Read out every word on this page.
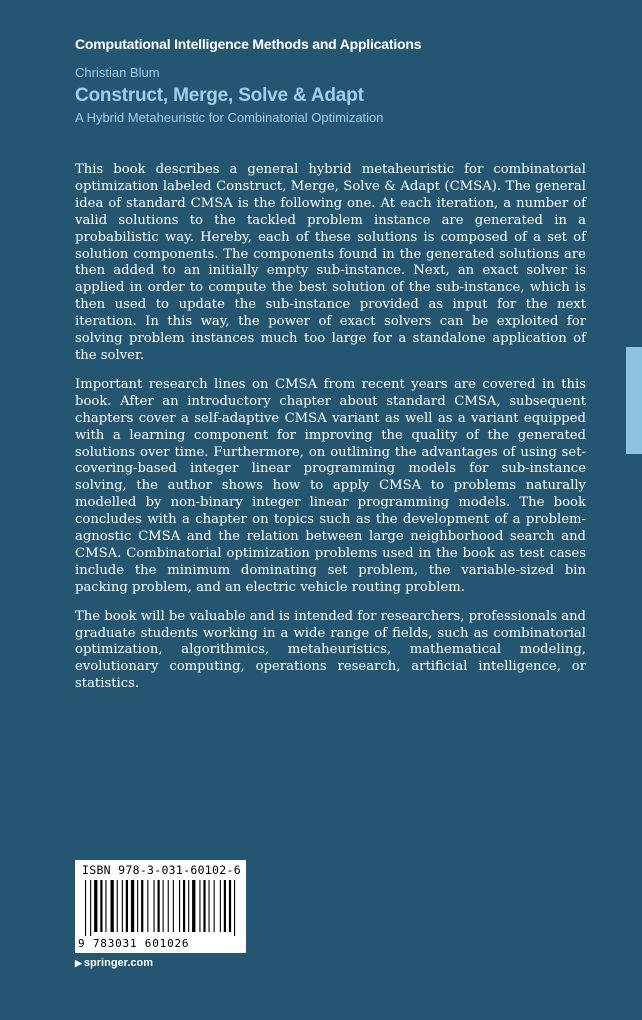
Computational Intelligence Methods and Applications
Christian Blum
Construct, Merge, Solve & Adapt
A Hybrid Metaheuristic for Combinatorial Optimization

This book describes a general hybrid metaheuristic for combinatorial optimization labeled Construct, Merge, Solve & Adapt (CMSA). The general idea of standard CMSA is the following one. At each iteration, a number of valid solutions to the tackled problem instance are generated in a probabilistic way. Hereby, each of these solutions is composed of a set of solution components. The components found in the generated solutions are then added to an initially empty sub-instance. Next, an exact solver is applied in order to compute the best solution of the sub-instance, which is then used to update the sub-instance provided as input for the next iteration. In this way, the power of exact solvers can be exploited for solving problem instances much too large for a standalone application of the solver.

Important research lines on CMSA from recent years are covered in this book. After an introductory chapter about standard CMSA, subsequent chapters cover a self-adaptive CMSA variant as well as a variant equipped with a learning component for improving the quality of the generated solutions over time. Furthermore, on outlining the advantages of using set-covering-based integer linear programming models for sub-instance solving, the author shows how to apply CMSA to problems naturally modelled by non-binary integer linear programming models. The book concludes with a chapter on topics such as the development of a problem-agnostic CMSA and the relation between large neighborhood search and CMSA. Combinatorial optimization problems used in the book as test cases include the minimum dominating set problem, the variable-sized bin packing problem, and an electric vehicle routing problem.

The book will be valuable and is intended for researchers, professionals and graduate students working in a wide range of fields, such as combinatorial optimization, algorithmics, metaheuristics, mathematical modeling, evolutionary computing, operations research, artificial intelligence, or statistics.

ISBN 978-3-031-60102-6
9 783031 601026
▶ springer.com
